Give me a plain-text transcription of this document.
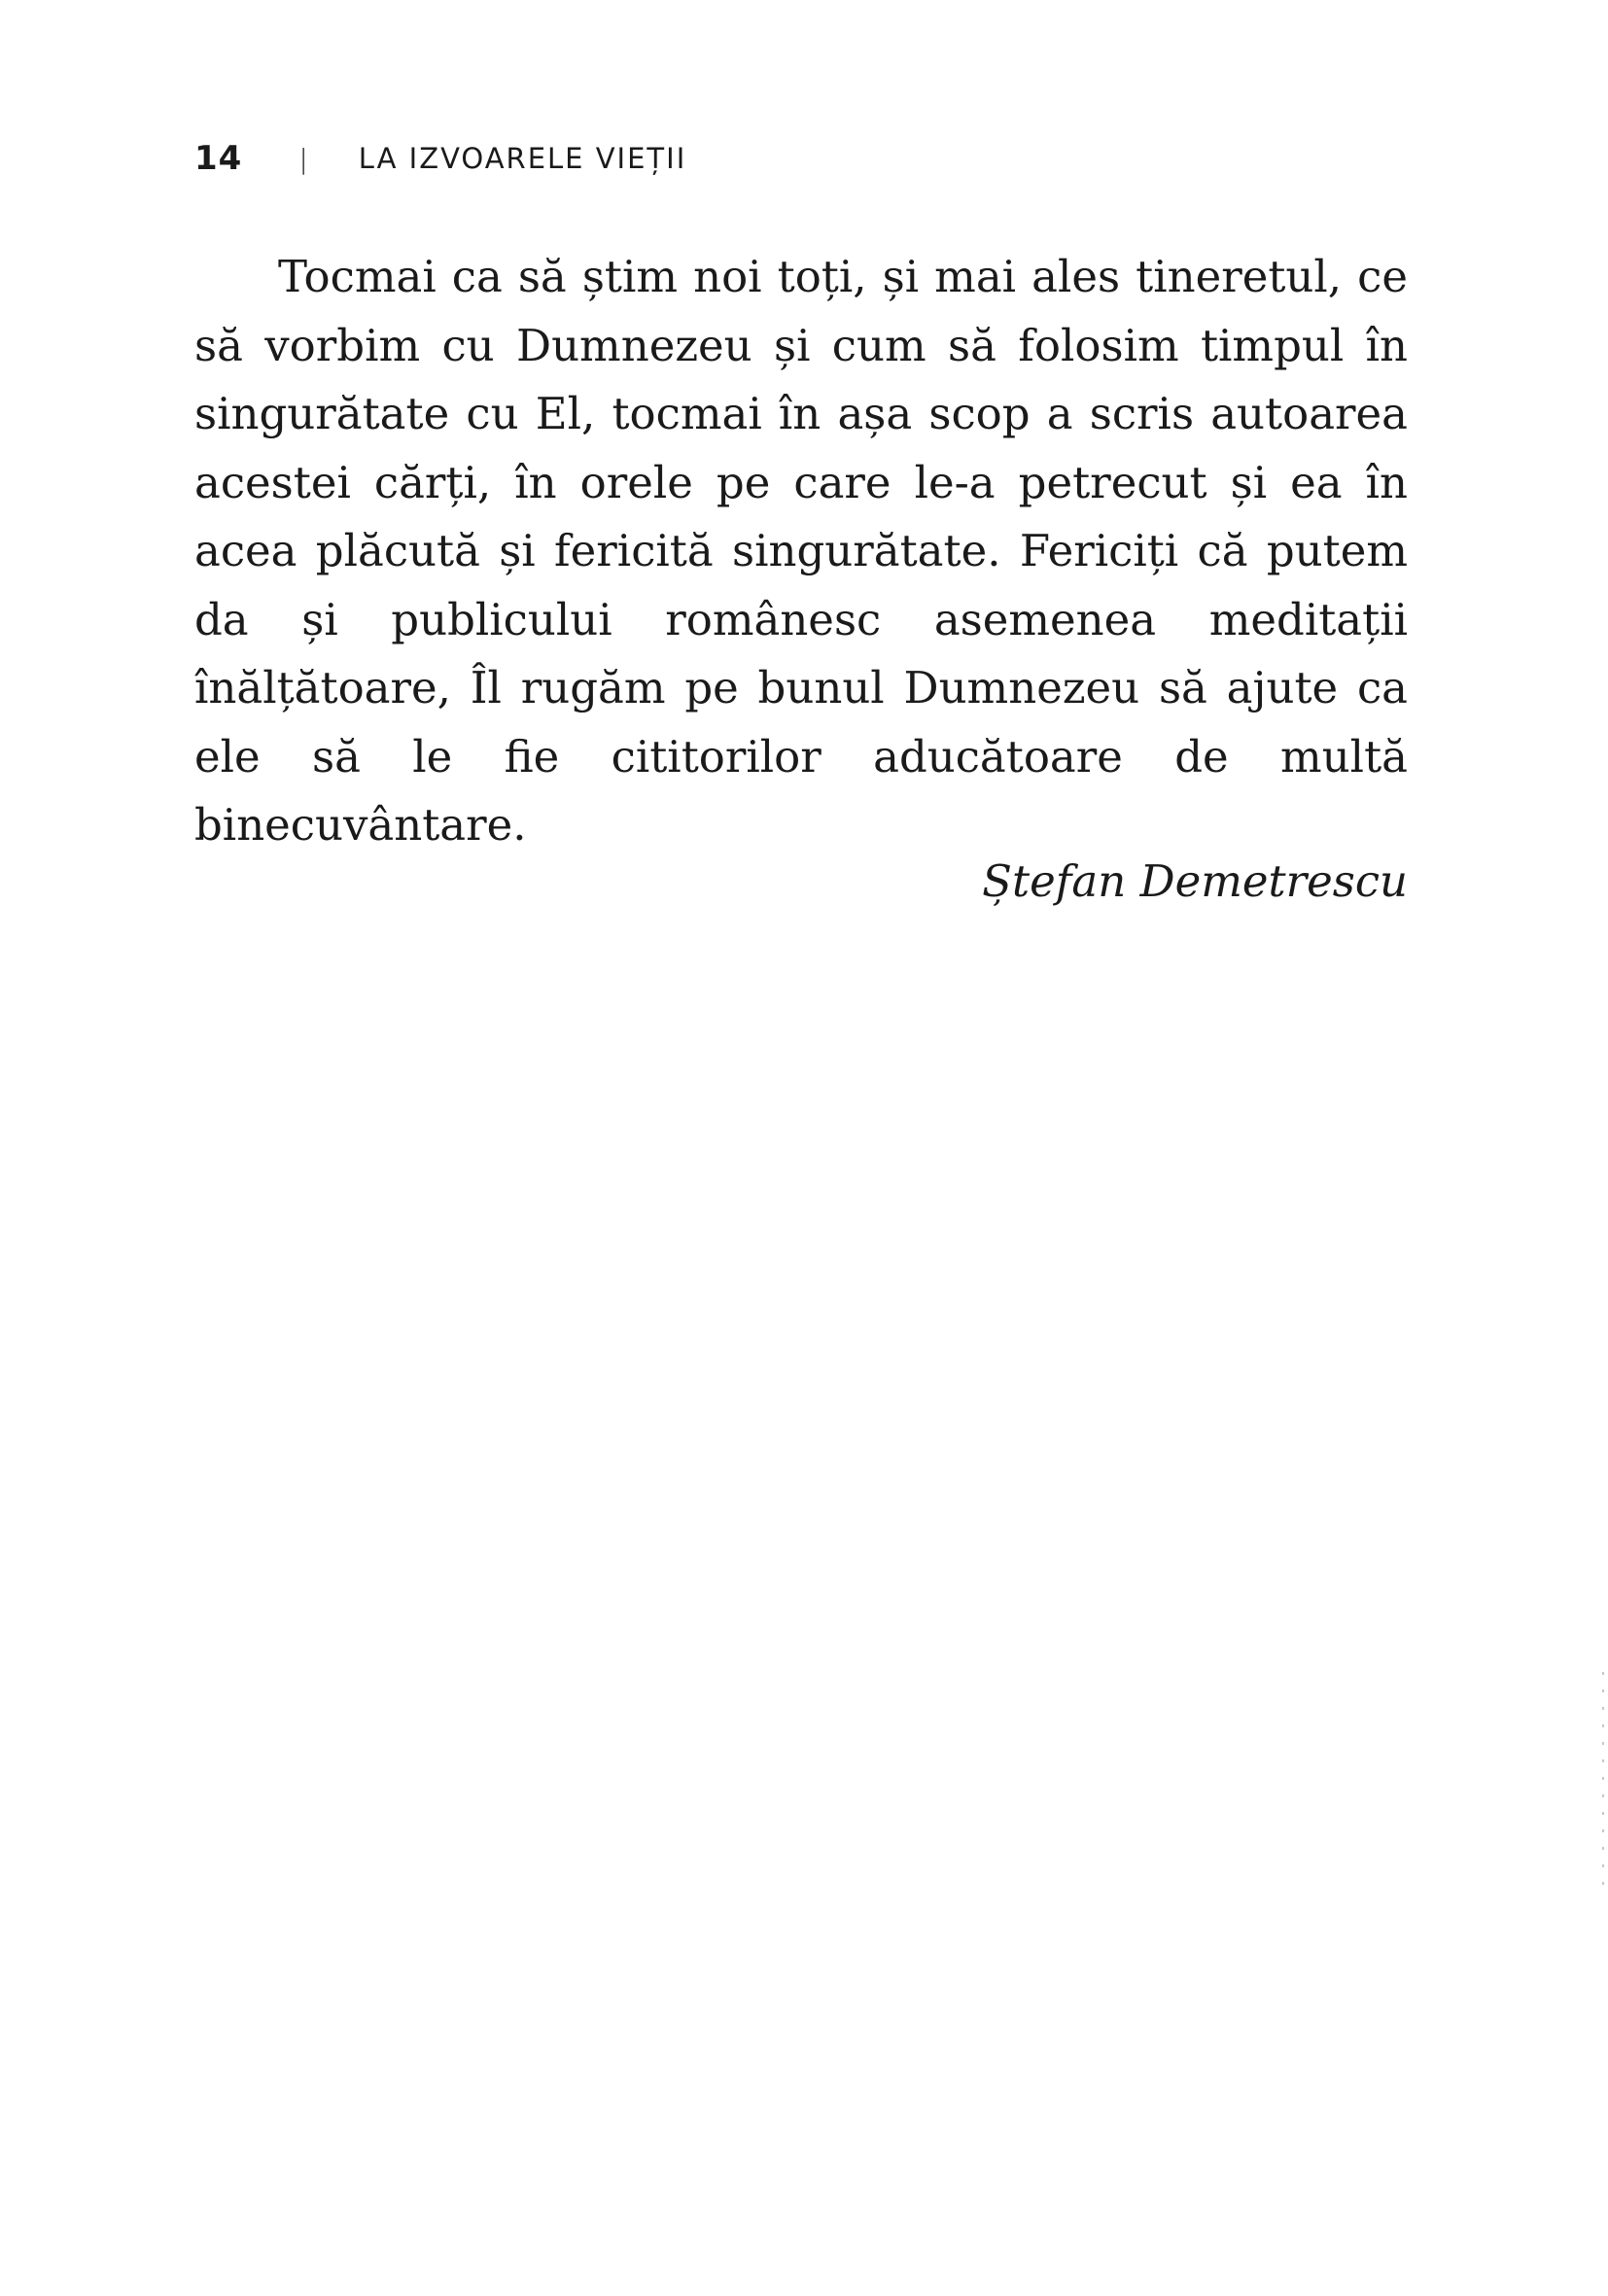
14 | LA IZVOARELE VIEȚII

Tocmai ca să știm noi toți, și mai ales tineretul, ce să vorbim cu Dumnezeu și cum să folosim timpul în singurătate cu El, tocmai în așa scop a scris autoarea acestei cărți, în orele pe care le-a petrecut și ea în acea plăcută și fericită singurătate. Fericiți că putem da și publicului românesc asemenea meditații înălțătoare, Îl rugăm pe bunul Dumnezeu să ajute ca ele să le fie cititorilor aducătoare de multă binecuvântare.

Ștefan Demetrescu
